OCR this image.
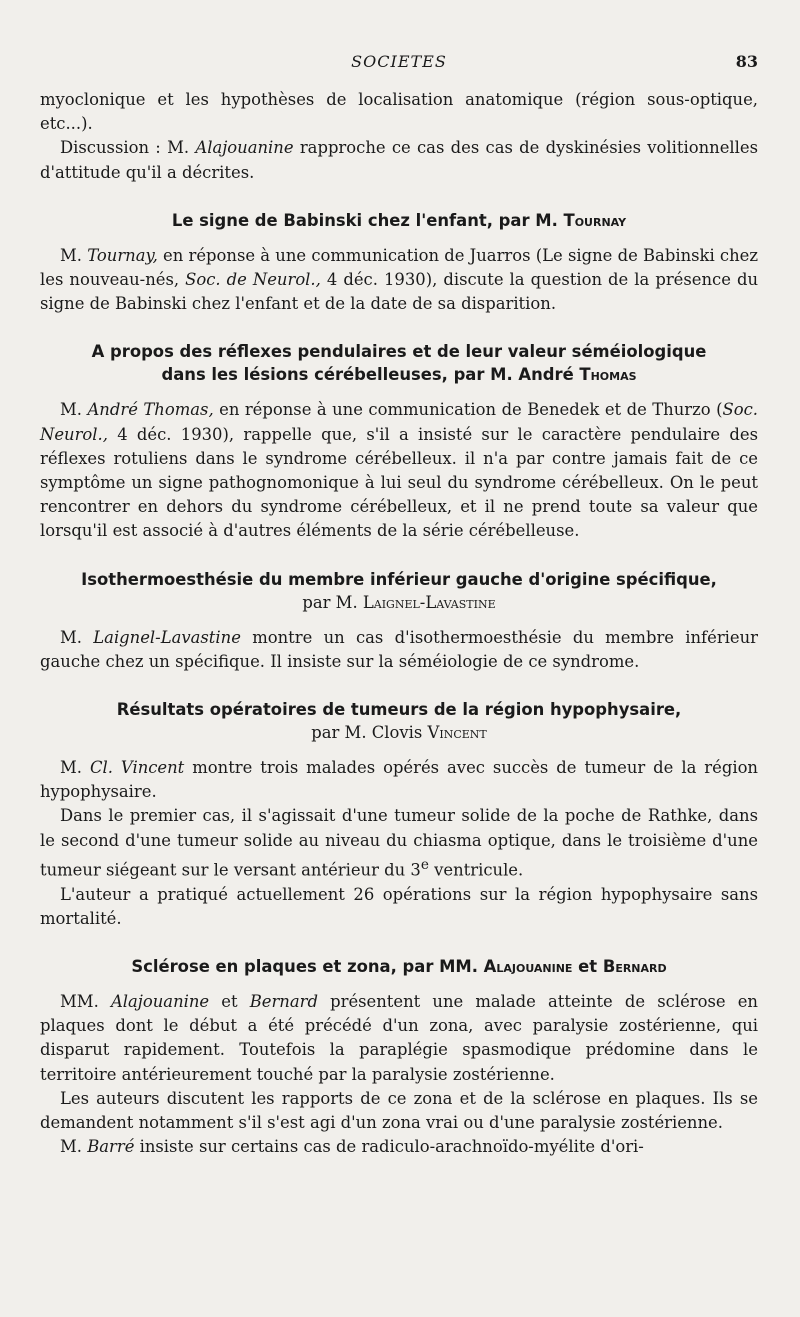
SOCIETES	83

myoclonique et les hypothèses de localisation anatomique (région sous-optique, etc...).

Discussion : M. Alajouanine rapproche ce cas des cas de dyskinésies volitionnelles d'attitude qu'il a décrites.

Le signe de Babinski chez l'enfant, par M. Tournay

M. Tournay, en réponse à une communication de Juarros (Le signe de Babinski chez les nouveau-nés, Soc. de Neurol., 4 déc. 1930), discute la question de la présence du signe de Babinski chez l'enfant et de la date de sa disparition.

A propos des réflexes pendulaires et de leur valeur séméiologique
dans les lésions cérébelleuses, par M. André Thomas

M. André Thomas, en réponse à une communication de Benedek et de Thurzo (Soc. Neurol., 4 déc. 1930), rappelle que, s'il a insisté sur le caractère pendulaire des réflexes rotuliens dans le syndrome cérébelleux. il n'a par contre jamais fait de ce symptôme un signe pathognomonique à lui seul du syndrome cérébelleux. On le peut rencontrer en dehors du syndrome cérébelleux, et il ne prend toute sa valeur que lorsqu'il est associé à d'autres éléments de la série cérébelleuse.

Isothermoesthésie du membre inférieur gauche d'origine spécifique,
par M. Laignel-Lavastine

M. Laignel-Lavastine montre un cas d'isothermoesthésie du membre inférieur gauche chez un spécifique. Il insiste sur la séméiologie de ce syndrome.

Résultats opératoires de tumeurs de la région hypophysaire,
par M. Clovis Vincent

M. Cl. Vincent montre trois malades opérés avec succès de tumeur de la région hypophysaire.

Dans le premier cas, il s'agissait d'une tumeur solide de la poche de Rathke, dans le second d'une tumeur solide au niveau du chiasma optique, dans le troisième d'une tumeur siégeant sur le versant antérieur du 3e ventricule.

L'auteur a pratiqué actuellement 26 opérations sur la région hypophysaire sans mortalité.

Sclérose en plaques et zona, par MM. Alajouanine et Bernard

MM. Alajouanine et Bernard présentent une malade atteinte de sclérose en plaques dont le début a été précédé d'un zona, avec paralysie zostérienne, qui disparut rapidement. Toutefois la paraplégie spasmodique prédomine dans le territoire antérieurement touché par la paralysie zostérienne.

Les auteurs discutent les rapports de ce zona et de la sclérose en plaques. Ils se demandent notamment s'il s'est agi d'un zona vrai ou d'une paralysie zostérienne.

M. Barré insiste sur certains cas de radiculo-arachnoïdo-myélite d'ori-
